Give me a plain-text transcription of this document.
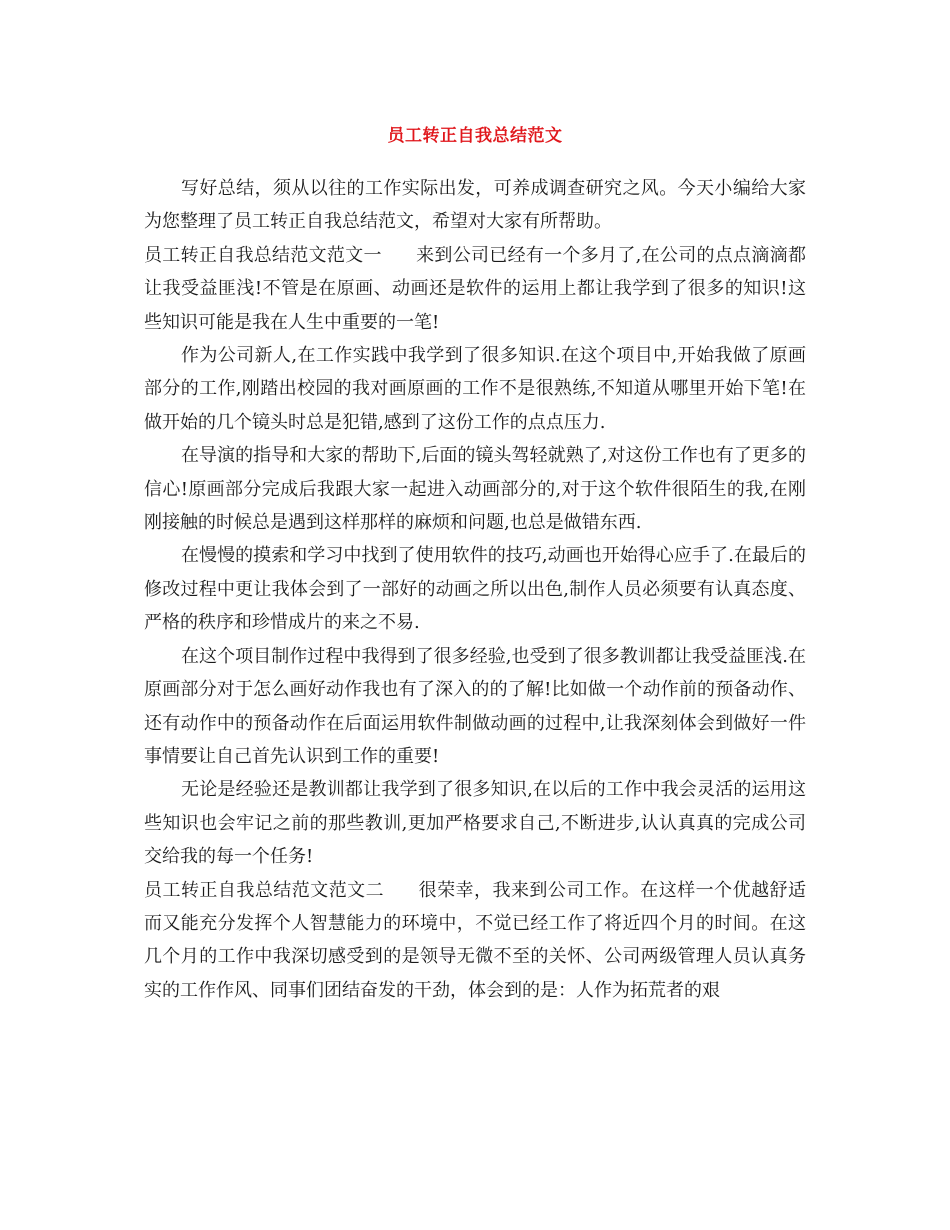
员工转正自我总结范文

写好总结，须从以往的工作实际出发，可养成调查研究之风。今天小编给大家为您整理了员工转正自我总结范文，希望对大家有所帮助。

员工转正自我总结范文范文一 来到公司已经有一个多月了,在公司的点点滴滴都让我受益匪浅!不管是在原画、动画还是软件的运用上都让我学到了很多的知识!这些知识可能是我在人生中重要的一笔!

作为公司新人,在工作实践中我学到了很多知识.在这个项目中,开始我做了原画部分的工作,刚踏出校园的我对画原画的工作不是很熟练,不知道从哪里开始下笔!在做开始的几个镜头时总是犯错,感到了这份工作的点点压力.

在导演的指导和大家的帮助下,后面的镜头驾轻就熟了,对这份工作也有了更多的信心!原画部分完成后我跟大家一起进入动画部分的,对于这个软件很陌生的我,在刚刚接触的时候总是遇到这样那样的麻烦和问题,也总是做错东西.

在慢慢的摸索和学习中找到了使用软件的技巧,动画也开始得心应手了.在最后的修改过程中更让我体会到了一部好的动画之所以出色,制作人员必须要有认真态度、严格的秩序和珍惜成片的来之不易.

在这个项目制作过程中我得到了很多经验,也受到了很多教训都让我受益匪浅.在原画部分对于怎么画好动作我也有了深入的的了解!比如做一个动作前的预备动作、还有动作中的预备动作在后面运用软件制做动画的过程中,让我深刻体会到做好一件事情要让自己首先认识到工作的重要!

无论是经验还是教训都让我学到了很多知识,在以后的工作中我会灵活的运用这些知识也会牢记之前的那些教训,更加严格要求自己,不断进步,认认真真的完成公司交给我的每一个任务!

员工转正自我总结范文范文二 很荣幸，我来到公司工作。在这样一个优越舒适而又能充分发挥个人智慧能力的环境中，不觉已经工作了将近四个月的时间。在这几个月的工作中我深切感受到的是领导无微不至的关怀、公司两级管理人员认真务实的工作作风、同事们团结奋发的干劲，体会到的是：人作为拓荒者的艰
